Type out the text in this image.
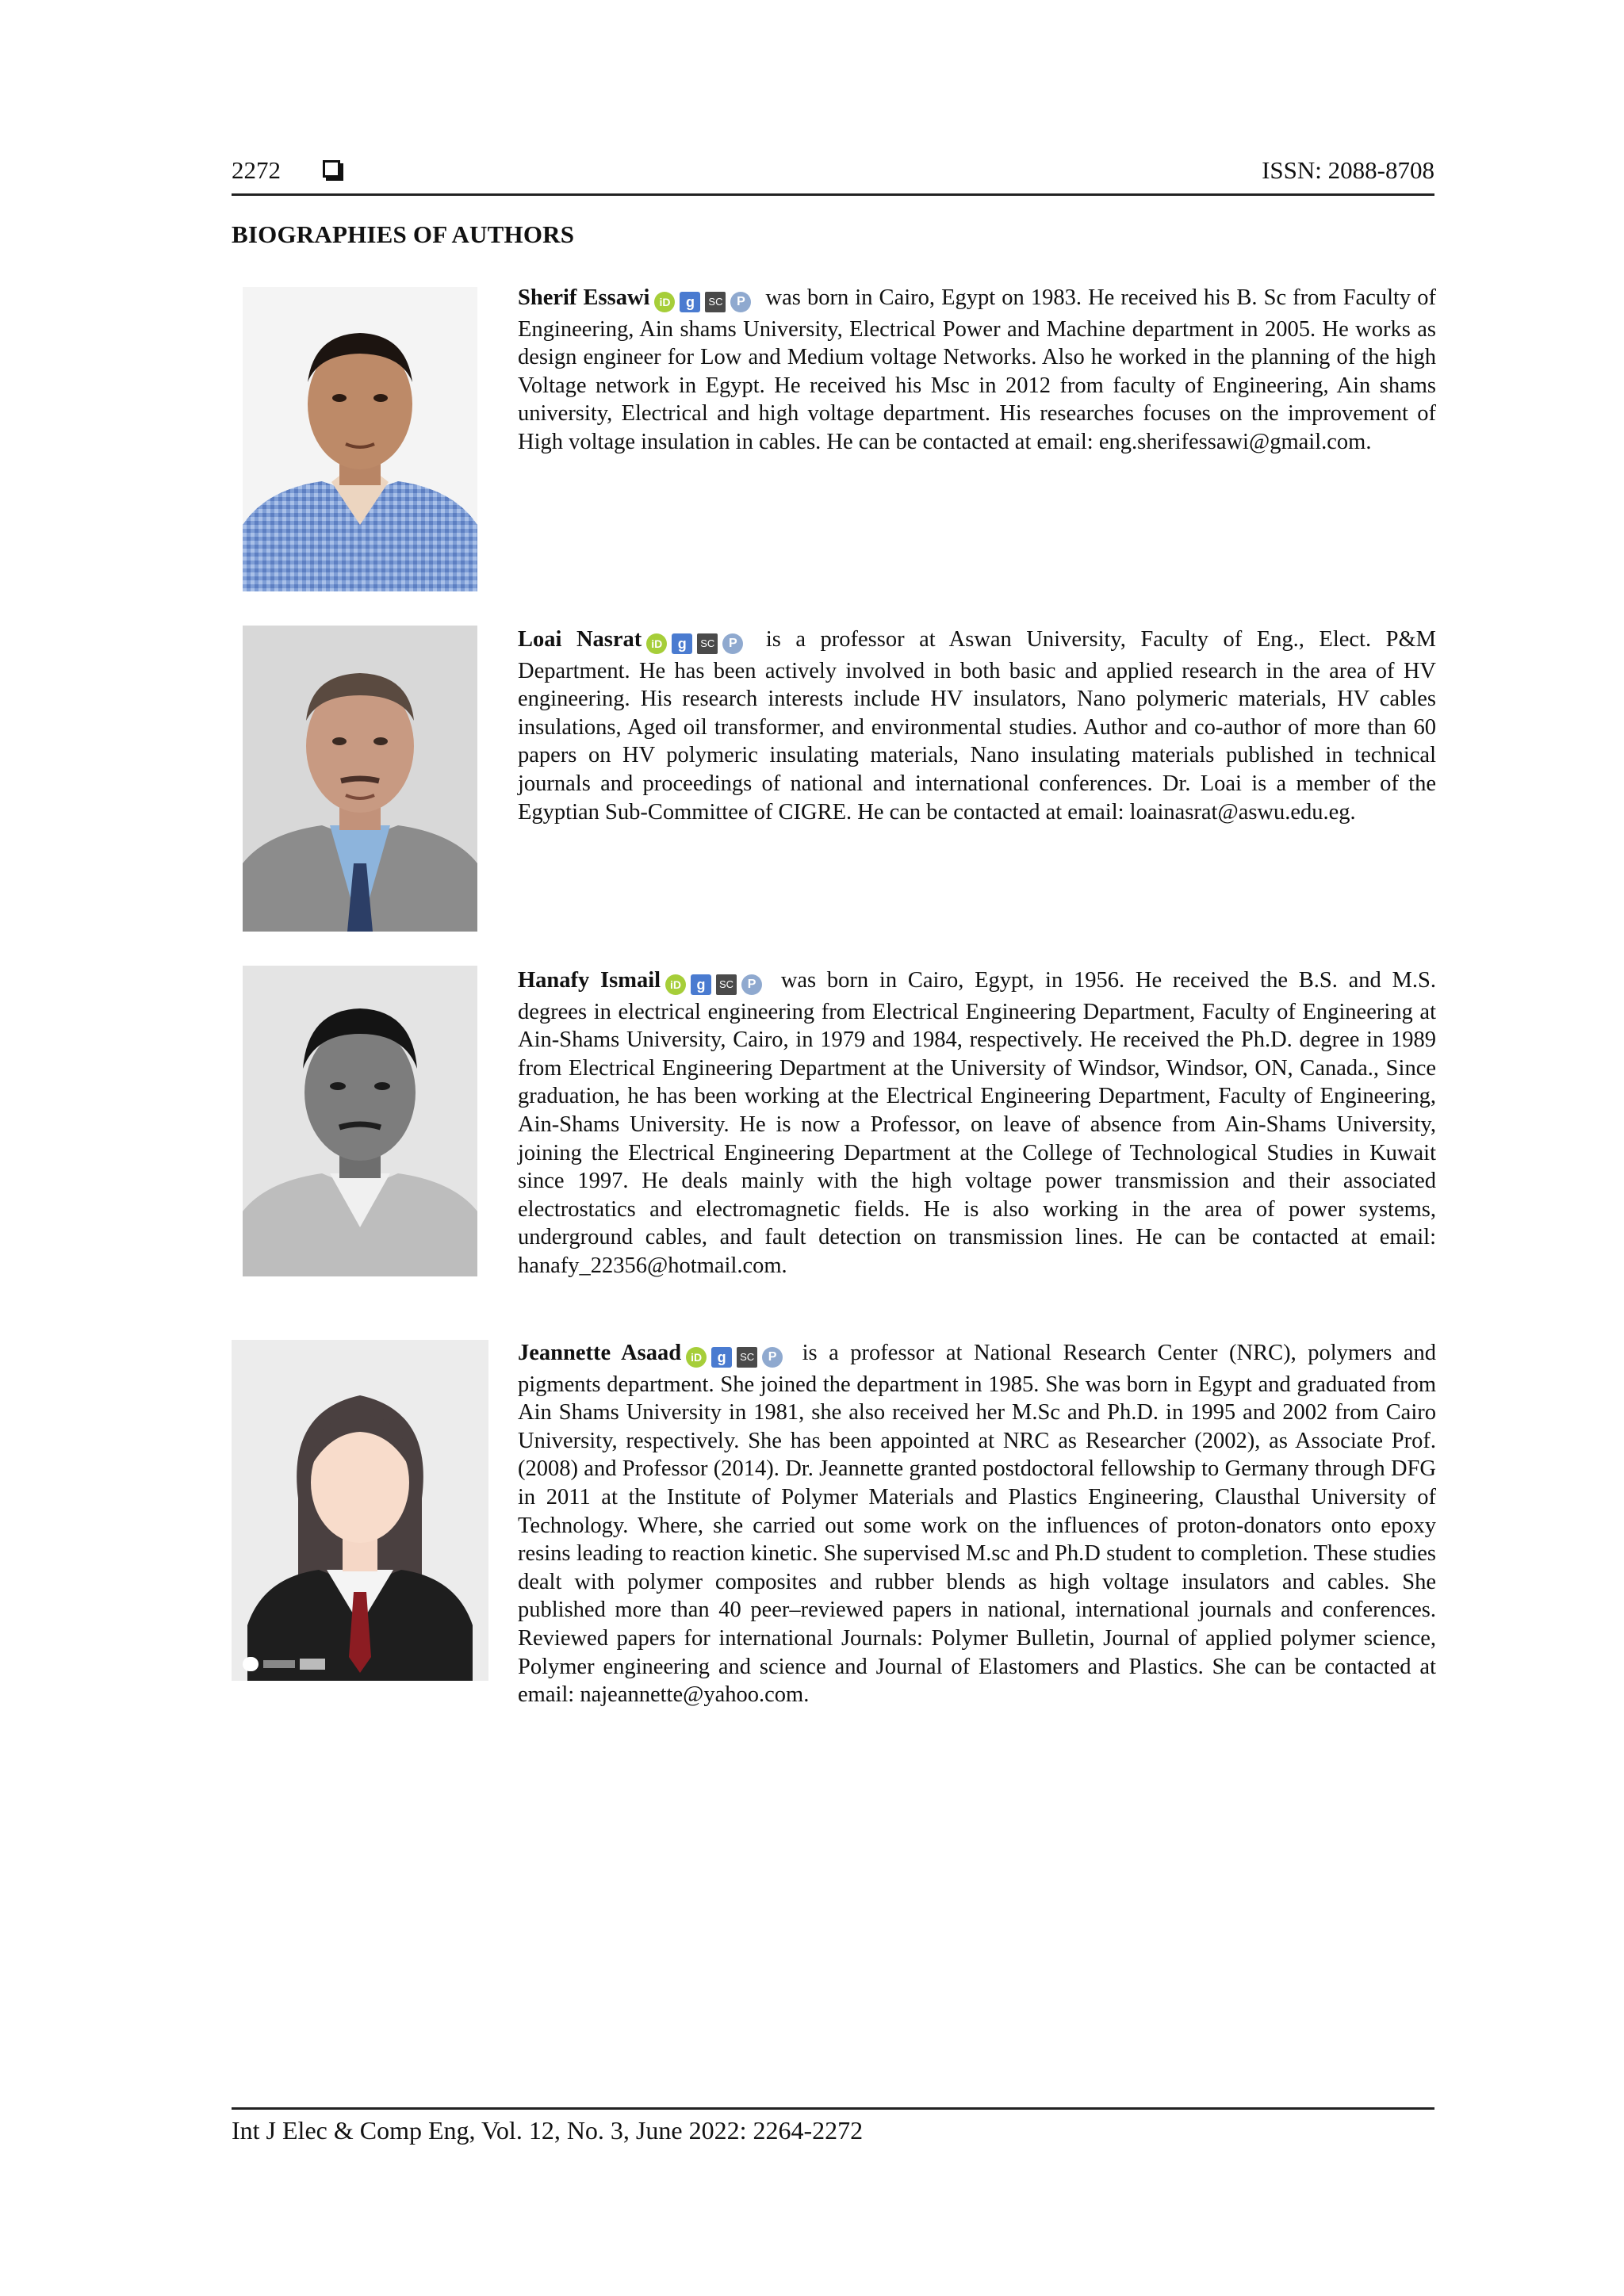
2272	ISSN: 2088-8708
BIOGRAPHIES OF AUTHORS

Sherif Essawi iD g SC P was born in Cairo, Egypt on 1983. He received his B. Sc from Faculty of Engineering, Ain shams University, Electrical Power and Machine department in 2005. He works as design engineer for Low and Medium voltage Networks. Also he worked in the planning of the high Voltage network in Egypt. He received his Msc in 2012 from faculty of Engineering, Ain shams university, Electrical and high voltage department. His researches focuses on the improvement of High voltage insulation in cables. He can be contacted at email: eng.sherifessawi@gmail.com.

Loai Nasrat iD g SC P is a professor at Aswan University, Faculty of Eng., Elect. P&M Department. He has been actively involved in both basic and applied research in the area of HV engineering. His research interests include HV insulators, Nano polymeric materials, HV cables insulations, Aged oil transformer, and environmental studies. Author and co-author of more than 60 papers on HV polymeric insulating materials, Nano insulating materials published in technical journals and proceedings of national and international conferences. Dr. Loai is a member of the Egyptian Sub-Committee of CIGRE. He can be contacted at email: loainasrat@aswu.edu.eg.

Hanafy Ismail iD g SC P was born in Cairo, Egypt, in 1956. He received the B.S. and M.S. degrees in electrical engineering from Electrical Engineering Department, Faculty of Engineering at Ain-Shams University, Cairo, in 1979 and 1984, respectively. He received the Ph.D. degree in 1989 from Electrical Engineering Department at the University of Windsor, Windsor, ON, Canada., Since graduation, he has been working at the Electrical Engineering Department, Faculty of Engineering, Ain-Shams University. He is now a Professor, on leave of absence from Ain-Shams University, joining the Electrical Engineering Department at the College of Technological Studies in Kuwait since 1997. He deals mainly with the high voltage power transmission and their associated electrostatics and electromagnetic fields. He is also working in the area of power systems, underground cables, and fault detection on transmission lines. He can be contacted at email: hanafy_22356@hotmail.com.

Jeannette Asaad iD g SC P is a professor at National Research Center (NRC), polymers and pigments department. She joined the department in 1985. She was born in Egypt and graduated from Ain Shams University in 1981, she also received her M.Sc and Ph.D. in 1995 and 2002 from Cairo University, respectively. She has been appointed at NRC as Researcher (2002), as Associate Prof. (2008) and Professor (2014). Dr. Jeannette granted postdoctoral fellowship to Germany through DFG in 2011 at the Institute of Polymer Materials and Plastics Engineering, Clausthal University of Technology. Where, she carried out some work on the influences of proton-donators onto epoxy resins leading to reaction kinetic. She supervised M.sc and Ph.D student to completion. These studies dealt with polymer composites and rubber blends as high voltage insulators and cables. She published more than 40 peer–reviewed papers in national, international journals and conferences. Reviewed papers for international Journals: Polymer Bulletin, Journal of applied polymer science, Polymer engineering and science and Journal of Elastomers and Plastics. She can be contacted at email: najeannette@yahoo.com.

Int J Elec & Comp Eng, Vol. 12, No. 3, June 2022: 2264-2272
